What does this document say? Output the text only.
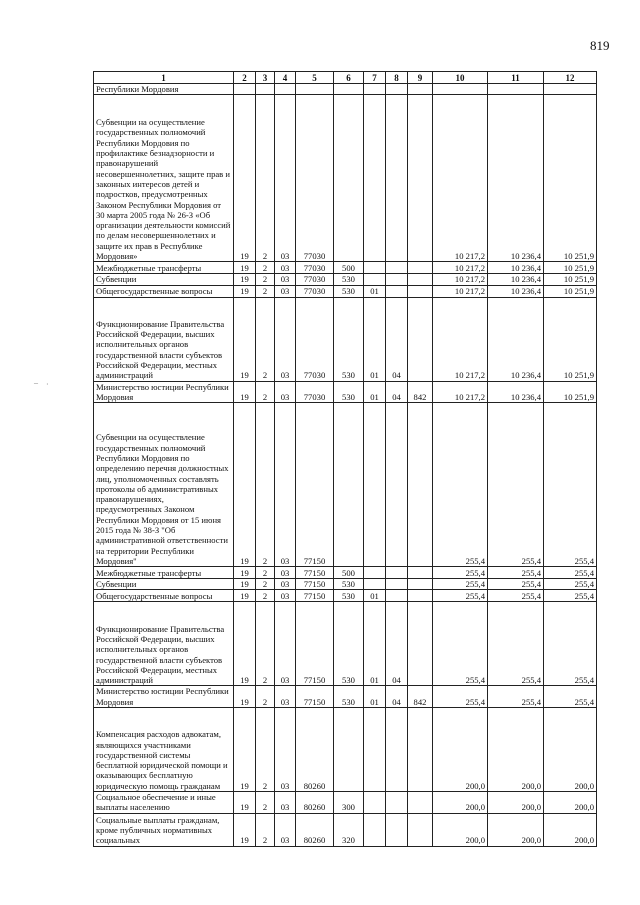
819
1	2	3	4	5	6	7	8	9	10	11	12
Республики Мордовия											
Субвенции на осуществление государственных полномочий Республики Мордовия по профилактике безнадзорности и правонарушений несовершеннолетних, защите прав и законных интересов детей и подростков, предусмотренных Законом Республики Мордовия от 30 марта 2005 года № 26-З «Об организации деятельности комиссий по делам несовершеннолетних и защите их прав в Республике Мордовия»	19	2	03	77030					10 217,2	10 236,4	10 251,9
Межбюджетные трансферты	19	2	03	77030	500				10 217,2	10 236,4	10 251,9
Субвенции	19	2	03	77030	530				10 217,2	10 236,4	10 251,9
Общегосударственные вопросы	19	2	03	77030	530	01			10 217,2	10 236,4	10 251,9
Функционирование Правительства Российской Федерации, высших исполнительных органов государственной власти субъектов Российской Федерации, местных администраций	19	2	03	77030	530	01	04		10 217,2	10 236,4	10 251,9
Министерство юстиции Республики Мордовия	19	2	03	77030	530	01	04	842	10 217,2	10 236,4	10 251,9
Субвенции на осуществление государственных полномочий Республики Мордовия по определению перечня должностных лиц, уполномоченных составлять протоколы об административных правонарушениях, предусмотренных Законом Республики Мордовия от 15 июня 2015 года № 38-З "Об административной ответственности на территории Республики Мордовия"	19	2	03	77150					255,4	255,4	255,4
Межбюджетные трансферты	19	2	03	77150	500				255,4	255,4	255,4
Субвенции	19	2	03	77150	530				255,4	255,4	255,4
Общегосударственные вопросы	19	2	03	77150	530	01			255,4	255,4	255,4
Функционирование Правительства Российской Федерации, высших исполнительных органов государственной власти субъектов Российской Федерации, местных администраций	19	2	03	77150	530	01	04		255,4	255,4	255,4
Министерство юстиции Республики Мордовия	19	2	03	77150	530	01	04	842	255,4	255,4	255,4
Компенсация расходов адвокатам, являющихся участниками государственной системы бесплатной юридической помощи и оказывающих бесплатную юридическую помощь гражданам	19	2	03	80260					200,0	200,0	200,0
Социальное обеспечение и иные выплаты населению	19	2	03	80260	300				200,0	200,0	200,0
Социальные выплаты гражданам, кроме публичных нормативных социальных	19	2	03	80260	320				200,0	200,0	200,0
– ·
